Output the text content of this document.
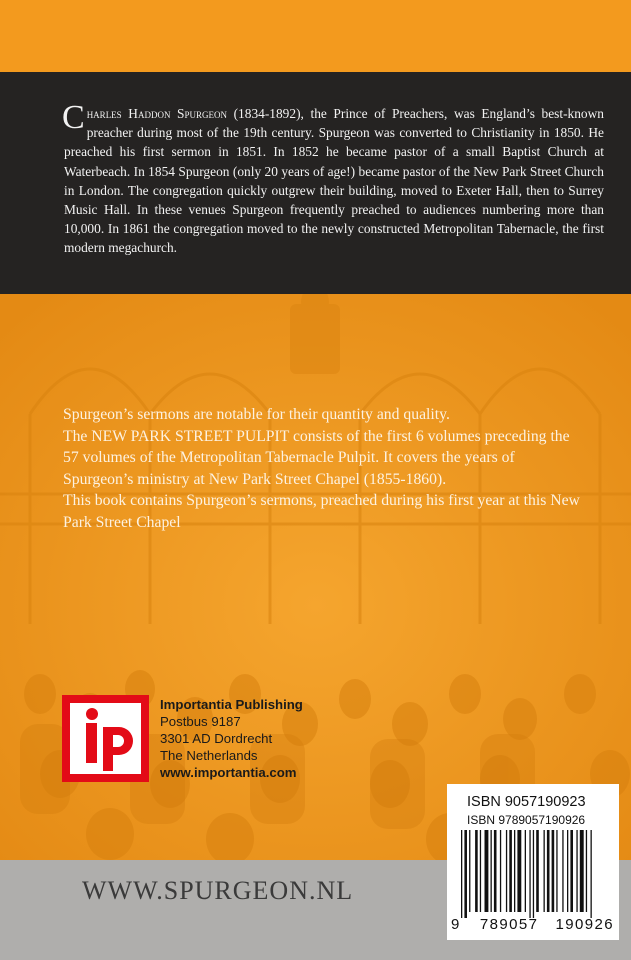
Charles Haddon Spurgeon (1834-1892), the Prince of Preachers, was England’s best-known preacher during most of the 19th century. Spurgeon was converted to Christianity in 1850. He preached his first sermon in 1851. In 1852 he became pastor of a small Baptist Church at Waterbeach. In 1854 Spurgeon (only 20 years of age!) became pastor of the New Park Street Church in London. The congregation quickly outgrew their building, moved to Exeter Hall, then to Surrey Music Hall. In these venues Spurgeon frequently preached to audiences numbering more than 10,000. In 1861 the congregation moved to the newly constructed Metropolitan Tabernacle, the first modern megachurch.

Spurgeon’s sermons are notable for their quantity and quality.
The NEW PARK STREET PULPIT consists of the first 6 volumes preceding the 57 volumes of the Metropolitan Tabernacle Pulpit. It covers the years of Spurgeon’s ministry at New Park Street Chapel (1855-1860).
This book contains Spurgeon’s sermons, preached during his first year at this New Park Street Chapel
Importantia Publishing
Postbus 9187
3301 AD Dordrecht
The Netherlands
www.importantia.com
WWW.SPURGEON.NL
ISBN 9057190923
ISBN 9789057190926
9 789057 190926
